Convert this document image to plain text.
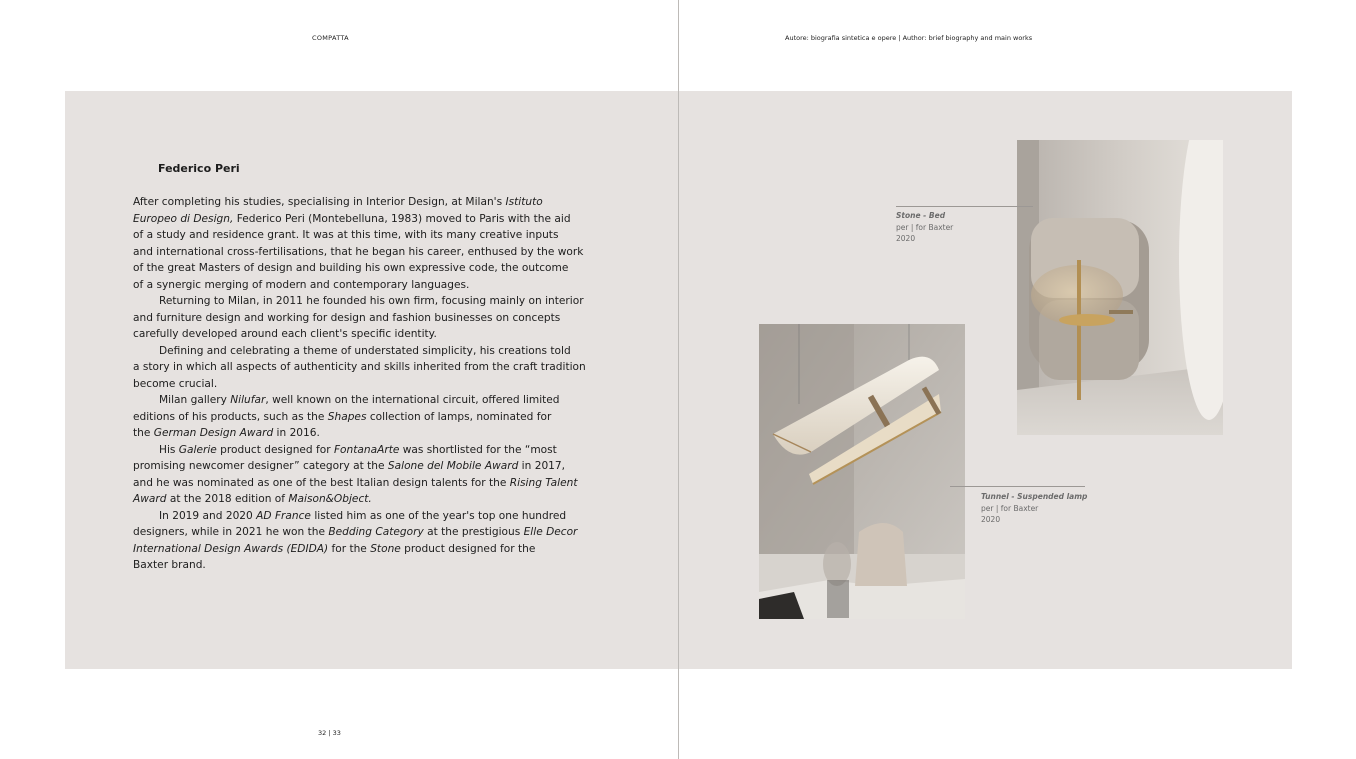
COMPATTA	Autore: biografia sintetica e opere | Author: brief biography and main works
Federico Peri

After completing his studies, specialising in Interior Design, at Milan's Istituto

Europeo di Design, Federico Peri (Montebelluna, 1983) moved to Paris with the aid

of a study and residence grant. It was at this time, with its many creative inputs

and international cross-fertilisations, that he began his career, enthused by the work

of the great Masters of design and building his own expressive code, the outcome

of a synergic merging of modern and contemporary languages.

Returning to Milan, in 2011 he founded his own firm, focusing mainly on interior

and furniture design and working for design and fashion businesses on concepts

carefully developed around each client's specific identity.

Defining and celebrating a theme of understated simplicity, his creations told

a story in which all aspects of authenticity and skills inherited from the craft tradition

become crucial.

Milan gallery Nilufar, well known on the international circuit, offered limited

editions of his products, such as the Shapes collection of lamps, nominated for

the German Design Award in 2016.

His Galerie product designed for FontanaArte was shortlisted for the “most

promising newcomer designer” category at the Salone del Mobile Award in 2017,

and he was nominated as one of the best Italian design talents for the Rising Talent

Award at the 2018 edition of Maison&Object.

In 2019 and 2020 AD France listed him as one of the year's top one hundred

designers, while in 2021 he won the Bedding Category at the prestigious Elle Decor

International Design Awards (EDIDA) for the Stone product designed for the

Baxter brand.

Stone - Bed
per | for Baxter
2020
Tunnel - Suspended lamp
per | for Baxter
2020
32 | 33
